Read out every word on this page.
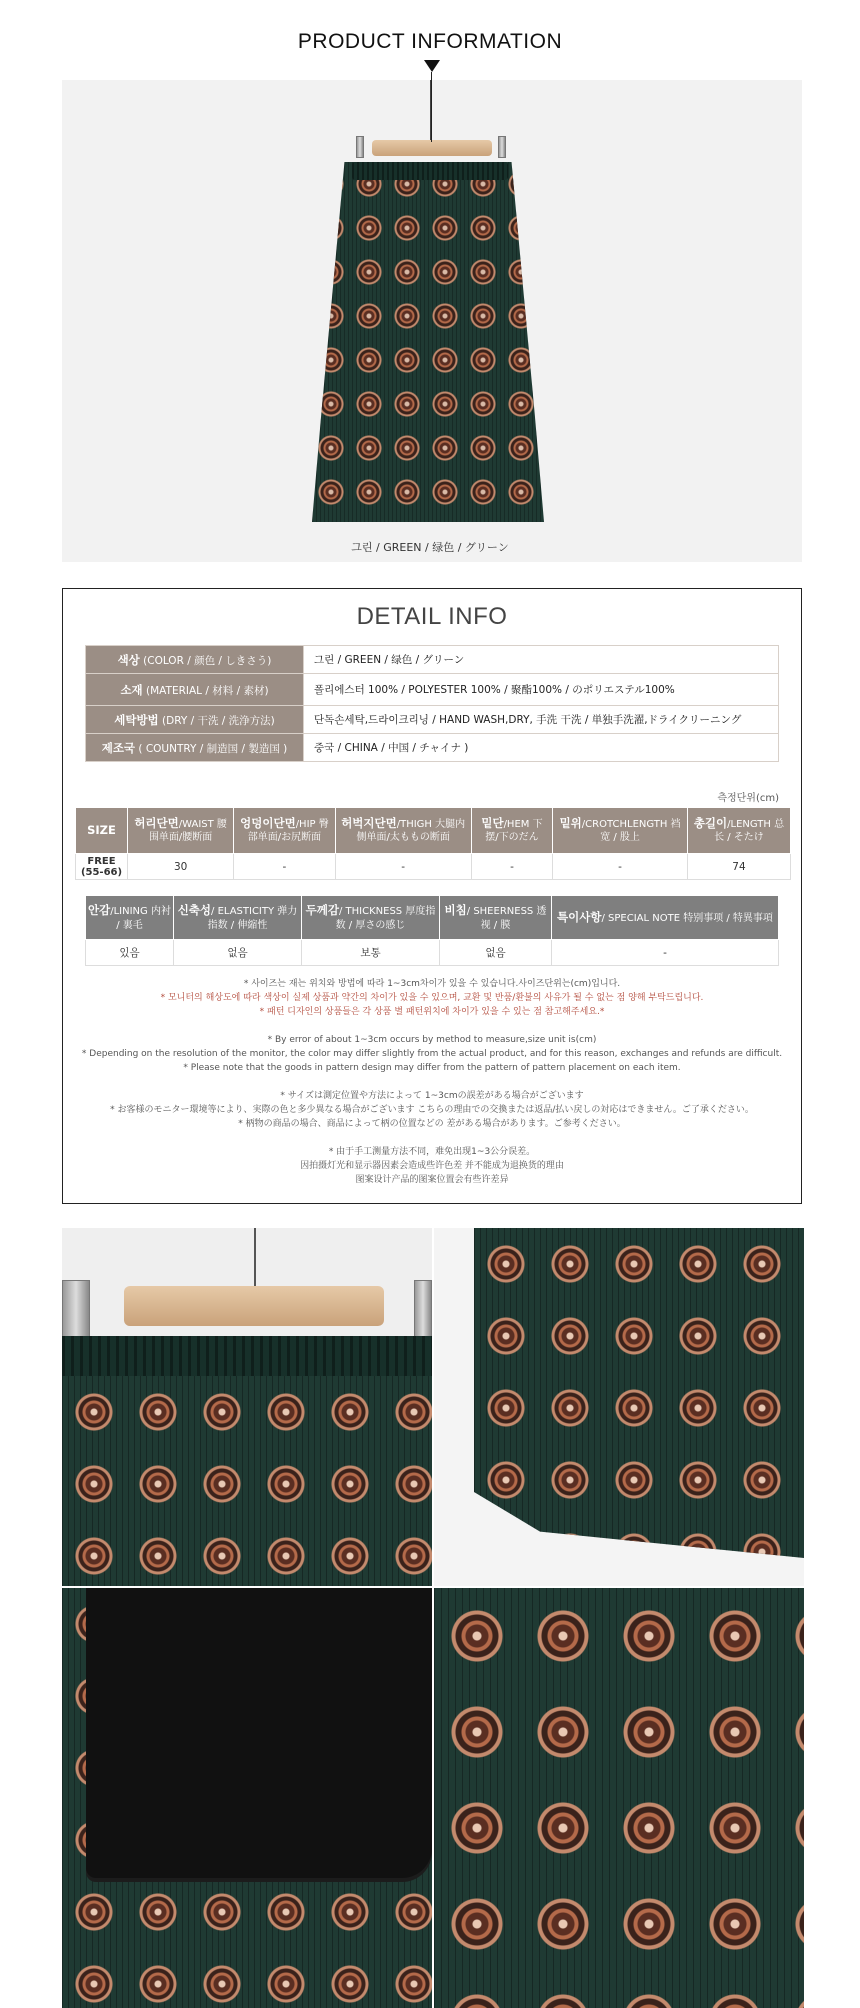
PRODUCT INFORMATION
그린 / GREEN / 绿色 / グリーン
DETAIL INFO
색상 (COLOR / 颜色 / しきさう)	그린 / GREEN / 绿色 / グリーン
소재 (MATERIAL / 材料 / 素材)	폴리에스터 100% / POLYESTER 100% / 聚酯100% / のポリエステル100%
세탁방법 (DRY / 干洗 / 洗浄方法)	단독손세탁,드라이크리닝 / HAND WASH,DRY, 手洗 干洗 / 単独手洗濯,ドライクリーニング
제조국 ( COUNTRY / 制造国 / 製造国 )	중국 / CHINA / 中国 / チャイナ )
측정단위(cm)
SIZE	허리단면/WAIST 腰围单面/腰断面	엉덩이단면/HIP 臀部单面/お尻断面	허벅지단면/THIGH 大腿内侧单面/太ももの断面	밑단/HEM 下摆/下のだん	밑위/CROTCHLENGTH 裆宽 / 股上	총길이/LENGTH 总长 / そたけ
FREE (55-66)	30	-	-	-	-	74
안감/LINING 内衬 / 裏毛	신축성/ ELASTICITY 弹力指数 / 伸縮性	두께감/ THICKNESS 厚度指数 / 厚さの感じ	비침/ SHEERNESS 透视 / 膜	특이사항/ SPECIAL NOTE 特别事项 / 特異事項
있음	없음	보통	없음	-
* 사이즈는 재는 위치와 방법에 따라 1~3cm차이가 있을 수 있습니다.사이즈단위는(cm)입니다.
* 모니터의 해상도에 따라 색상이 실제 상품과 약간의 차이가 있을 수 있으며, 교환 및 반품/환불의 사유가 될 수 없는 점 양해 부탁드립니다.
* 패턴 디자인의 상품들은 각 상품 별 패턴위치에 차이가 있을 수 있는 점 참고해주세요.*
* By error of about 1~3cm occurs by method to measure,size unit is(cm)
* Depending on the resolution of the monitor, the color may differ slightly from the actual product, and for this reason, exchanges and refunds are difficult.
* Please note that the goods in pattern design may differ from the pattern of pattern placement on each item.
* サイズは測定位置や方法によって 1~3cmの誤差がある場合がございます
* お客様のモニター環境等により、実際の色と多少異なる場合がございます こちらの理由での交換または返品/払い戻しの対応はできません。ご了承ください。
* 柄物の商品の場合、商品によって柄の位置などの 差がある場合があります。ご参考ください。
* 由于手工测量方法不同，难免出现1~3公分误差。
因拍摄灯光和显示器因素会造成些许色差 并不能成为退换货的理由
图案设计产品的图案位置会有些许差异
